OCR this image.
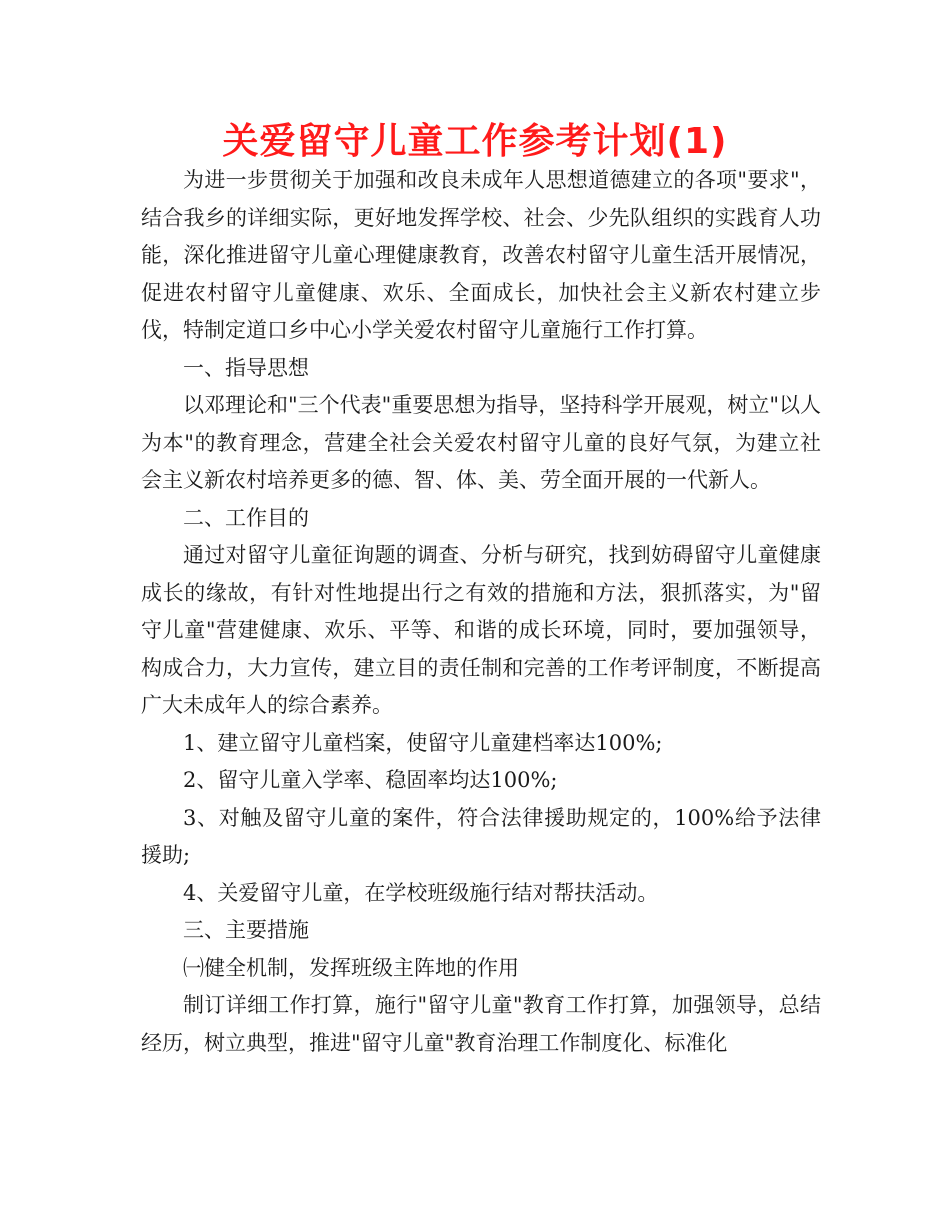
关爱留守儿童工作参考计划(1)

为进一步贯彻关于加强和改良未成年人思想道德建立的各项"要求"，结合我乡的详细实际，更好地发挥学校、社会、少先队组织的实践育人功能，深化推进留守儿童心理健康教育，改善农村留守儿童生活开展情况，促进农村留守儿童健康、欢乐、全面成长，加快社会主义新农村建立步伐，特制定道口乡中心小学关爱农村留守儿童施行工作打算。

一、指导思想

以邓理论和"三个代表"重要思想为指导，坚持科学开展观，树立"以人为本"的教育理念，营建全社会关爱农村留守儿童的良好气氛，为建立社会主义新农村培养更多的德、智、体、美、劳全面开展的一代新人。

二、工作目的

通过对留守儿童征询题的调查、分析与研究，找到妨碍留守儿童健康成长的缘故，有针对性地提出行之有效的措施和方法，狠抓落实，为"留守儿童"营建健康、欢乐、平等、和谐的成长环境，同时，要加强领导，构成合力，大力宣传，建立目的责任制和完善的工作考评制度，不断提高广大未成年人的综合素养。

1、建立留守儿童档案，使留守儿童建档率达100%;

2、留守儿童入学率、稳固率均达100%;

3、对触及留守儿童的案件，符合法律援助规定的，100%给予法律援助;

4、关爱留守儿童，在学校班级施行结对帮扶活动。

三、主要措施

㈠健全机制，发挥班级主阵地的作用

制订详细工作打算，施行"留守儿童"教育工作打算，加强领导，总结经历，树立典型，推进"留守儿童"教育治理工作制度化、标准化
